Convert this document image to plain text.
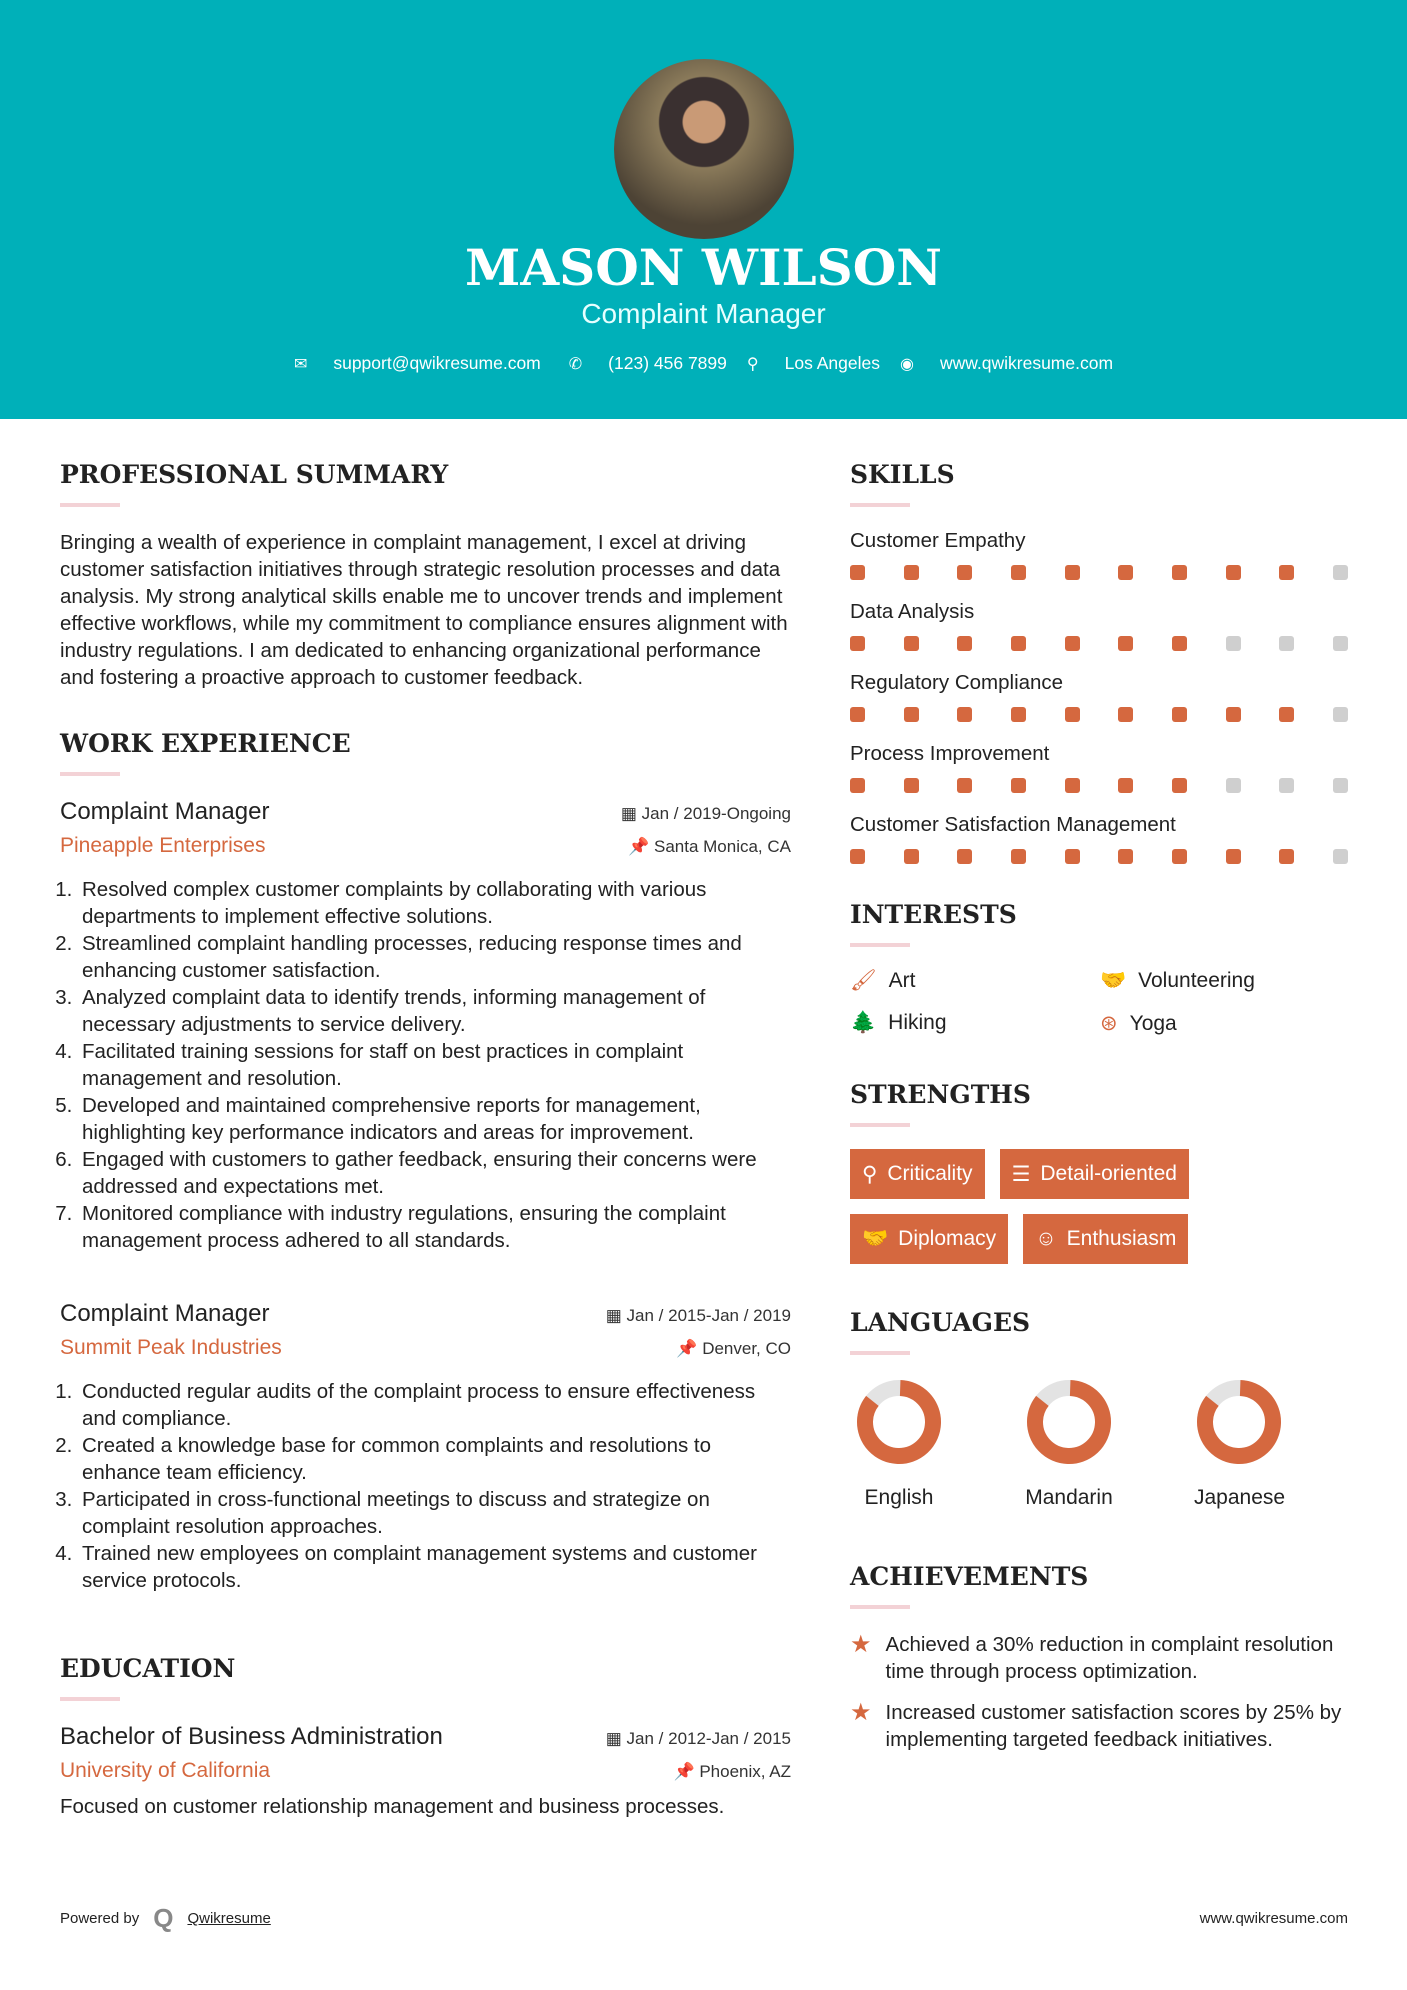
MASON WILSON
Complaint Manager
✉ support@qwikresume.com ✆ (123) 456 7899 ⚲ Los Angeles ◉ www.qwikresume.com
PROFESSIONAL SUMMARY

Bringing a wealth of experience in complaint management, I excel at driving customer satisfaction initiatives through strategic resolution processes and data analysis. My strong analytical skills enable me to uncover trends and implement effective workflows, while my commitment to compliance ensures alignment with industry regulations. I am dedicated to enhancing organizational performance and fostering a proactive approach to customer feedback.

WORK EXPERIENCE
Complaint Manager	▦ Jan / 2019-Ongoing
Pineapple Enterprises	📌 Santa Monica, CA
1. Resolved complex customer complaints by collaborating with various departments to implement effective solutions.
2. Streamlined complaint handling processes, reducing response times and enhancing customer satisfaction.
3. Analyzed complaint data to identify trends, informing management of necessary adjustments to service delivery.
4. Facilitated training sessions for staff on best practices in complaint management and resolution.
5. Developed and maintained comprehensive reports for management, highlighting key performance indicators and areas for improvement.
6. Engaged with customers to gather feedback, ensuring their concerns were addressed and expectations met.
7. Monitored compliance with industry regulations, ensuring the complaint management process adhered to all standards.
Complaint Manager	▦ Jan / 2015-Jan / 2019
Summit Peak Industries	📌 Denver, CO
1. Conducted regular audits of the complaint process to ensure effectiveness and compliance.
2. Created a knowledge base for common complaints and resolutions to enhance team efficiency.
3. Participated in cross-functional meetings to discuss and strategize on complaint resolution approaches.
4. Trained new employees on complaint management systems and customer service protocols.
EDUCATION
Bachelor of Business Administration	▦ Jan / 2012-Jan / 2015
University of California	📌 Phoenix, AZ

Focused on customer relationship management and business processes.

SKILLS
Customer Empathy
Data Analysis
Regulatory Compliance
Process Improvement
Customer Satisfaction Management
INTERESTS
🖌 Art	🤝 Volunteering
🌲 Hiking	⊛ Yoga
STRENGTHS
⚲ Criticality ☰ Detail-oriented
🤝 Diplomacy ☺ Enthusiasm
LANGUAGES
English	Mandarin	Japanese
ACHIEVEMENTS
★ Achieved a 30% reduction in complaint resolution time through process optimization.
★ Increased customer satisfaction scores by 25% by implementing targeted feedback initiatives.
Powered by Q Qwikresume	www.qwikresume.com
